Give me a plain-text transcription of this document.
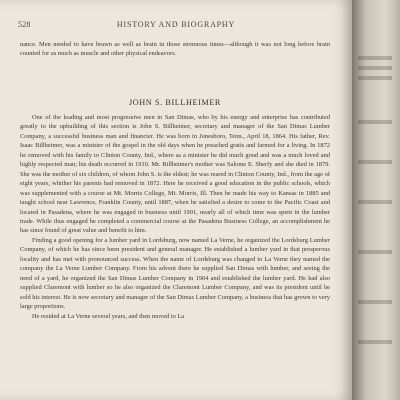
528	HISTORY AND BIOGRAPHY

nance. Men needed to have brawn as well as brain in those strenuous times—although it was not long before brain counted for as much as muscle and other physical endeavors.

JOHN S. BILLHEIMER

One of the leading and most progressive men in San Dimas, who by his energy and enterprise has contributed greatly to the upbuilding of this section is John S. Billheimer, secretary and manager of the San Dimas Lumber Company, a successful business man and financier. He was born in Jonesboro, Tenn., April 18, 1864. His father, Rev. Isaac Billheimer, was a minister of the gospel in the old days when he preached gratis and farmed for a living. In 1872 he removed with his family to Clinton County, Ind., where as a minister he did much good and was a much loved and highly respected man; his death occurred in 1910. Mr. Billheimer's mother was Salome E. Sherfy and she died in 1879. She was the mother of six children, of whom John S. is the eldest; he was reared in Clinton County, Ind., from the age of eight years, whither his parents had removed in 1872. Here he received a good education in the public schools, which was supplemented with a course at Mt. Morris College, Mt. Morris, Ill. Then he made his way to Kansas in 1885 and taught school near Lawrence, Franklin County, until 1887, when he satisfied a desire to come to the Pacific Coast and located in Pasadena, where he was engaged in business until 1901, nearly all of which time was spent in the lumber trade. While thus engaged he completed a commercial course at the Pasadena Business College, an accomplishment he has since found of great value and benefit to him.

Finding a good opening for a lumber yard in Lordsburg, now named La Verne, he organized the Lordsburg Lumber Company, of which he has since been president and general manager. He established a lumber yard in that prosperous locality and has met with pronounced success. When the name of Lordsburg was changed to La Verne they named the company the La Verne Lumber Company. From his advent there he supplied San Dimas with lumber, and seeing the need of a yard, he organized the San Dimas Lumber Company in 1904 and established the lumber yard. He had also supplied Claremont with lumber so he also organized the Claremont Lumber Company, and was its president until he sold his interest. He is now secretary and manager of the San Dimas Lumber Company, a business that has grown to very large proportions.

He resided at La Verne several years, and then moved to La
